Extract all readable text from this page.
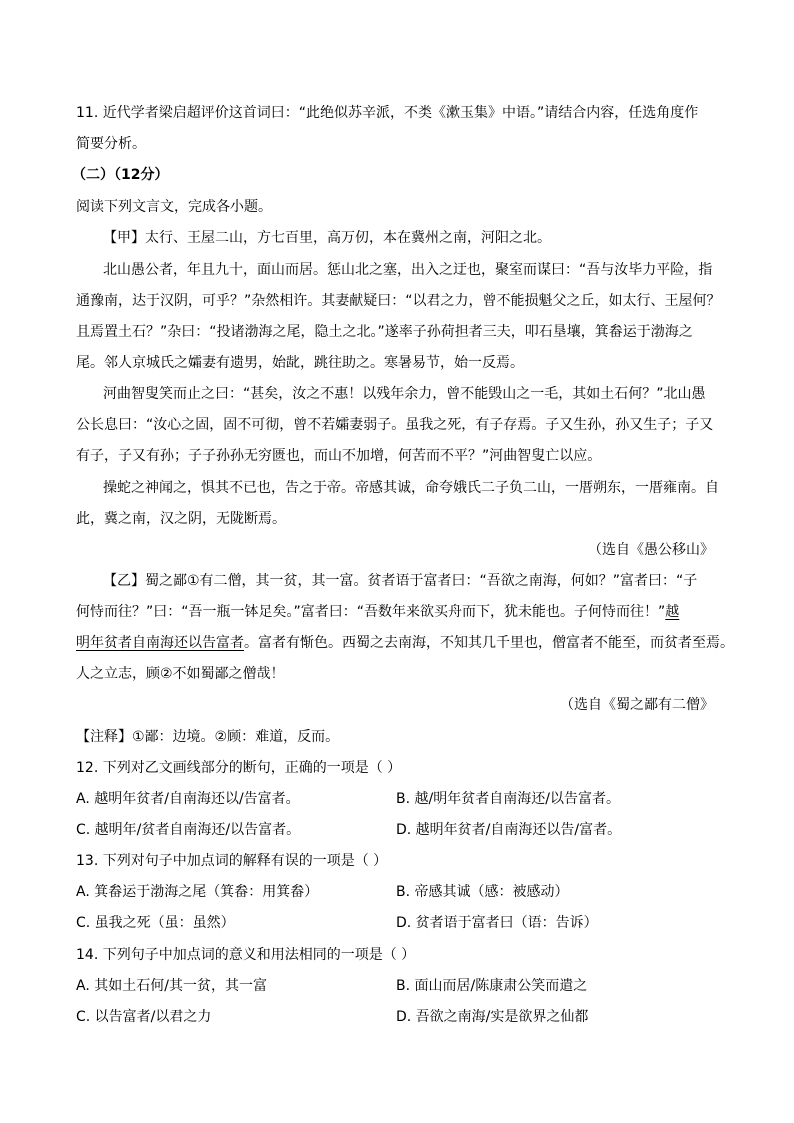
11. 近代学者梁启超评价这首词曰：“此绝似苏辛派，不类《漱玉集》中语。”请结合内容，任选角度作
简要分析。
（二）（12分）
阅读下列文言文，完成各小题。
【甲】太行、王屋二山，方七百里，高万仞，本在冀州之南，河阳之北。
北山愚公者，年且九十，面山而居。惩山北之塞，出入之迂也，聚室而谋曰：“吾与汝毕力平险，指
通豫南，达于汉阴，可乎？”杂然相许。其妻献疑曰：“以君之力，曾不能损魁父之丘，如太行、王屋何？
且焉置土石？”杂曰：“投诸渤海之尾，隐土之北。”遂率子孙荷担者三夫，叩石垦壤，箕畚运于渤海之
尾。邻人京城氏之孀妻有遗男，始龀，跳往助之。寒暑易节，始一反焉。
河曲智叟笑而止之曰：“甚矣，汝之不惠！以残年余力，曾不能毁山之一毛，其如土石何？”北山愚
公长息曰：“汝心之固，固不可彻，曾不若孀妻弱子。虽我之死，有子存焉。子又生孙，孙又生子；子又
有子，子又有孙；子子孙孙无穷匮也，而山不加增，何苦而不平？”河曲智叟亡以应。
操蛇之神闻之，惧其不已也，告之于帝。帝感其诚，命夸娥氏二子负二山，一厝朔东，一厝雍南。自
此，冀之南，汉之阴，无陇断焉。
（选自《愚公移山》
【乙】蜀之鄙①有二僧，其一贫，其一富。贫者语于富者曰：“吾欲之南海，何如？”富者曰：“子
何恃而往？”曰：“吾一瓶一钵足矣。”富者曰：“吾数年来欲买舟而下，犹未能也。子何恃而往！”越
明年贫者自南海还以告富者。富者有惭色。西蜀之去南海，不知其几千里也，僧富者不能至，而贫者至焉。
人之立志，顾②不如蜀鄙之僧哉！
（选自《蜀之鄙有二僧》
【注释】①鄙：边境。②顾：难道，反而。
12. 下列对乙文画线部分的断句，正确的一项是（ ）
A. 越明年贫者/自南海还以/告富者。	B. 越/明年贫者自南海还/以告富者。
C. 越明年/贫者自南海还/以告富者。	D. 越明年贫者/自南海还以告/富者。
13. 下列对句子中加点词的解释有误的一项是（ ）
A. 箕畚运于渤海之尾（箕畚：用箕畚）	B. 帝感其诚（感：被感动）
C. 虽我之死（虽：虽然）	D. 贫者语于富者曰（语：告诉）
14. 下列句子中加点词的意义和用法相同的一项是（ ）
A. 其如土石何/其一贫，其一富	B. 面山而居/陈康肃公笑而遣之
C. 以告富者/以君之力	D. 吾欲之南海/实是欲界之仙都
